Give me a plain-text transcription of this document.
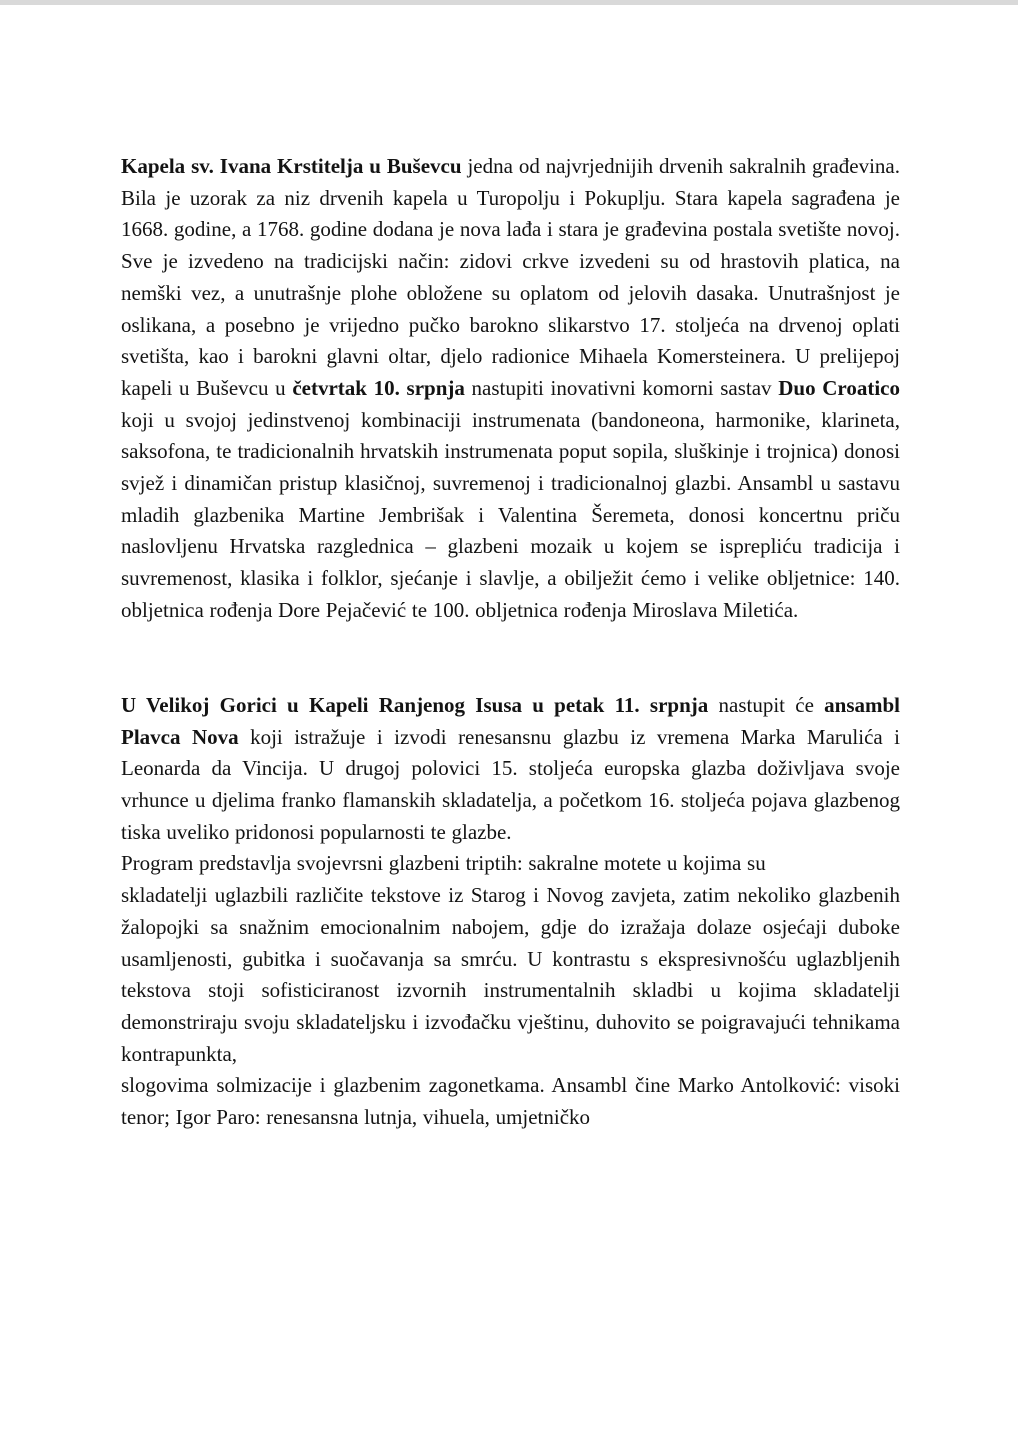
Kapela sv. Ivana Krstitelja u Buševcu jedna od najvrjednijih drvenih sakralnih građevina. Bila je uzorak za niz drvenih kapela u Turopolju i Pokuplju. Stara kapela sagrađena je 1668. godine, a 1768. godine dodana je nova lađa i stara je građevina postala svetište novoj. Sve je izvedeno na tradicijski način: zidovi crkve izvedeni su od hrastovih platica, na nemški vez, a unutrašnje plohe obložene su oplatom od jelovih dasaka. Unutrašnjost je oslikana, a posebno je vrijedno pučko barokno slikarstvo 17. stoljeća na drvenoj oplati svetišta, kao i barokni glavni oltar, djelo radionice Mihaela Komersteinera. U prelijepoj kapeli u Buševcu u četvrtak 10. srpnja nastupiti inovativni komorni sastav Duo Croatico koji u svojoj jedinstvenoj kombinaciji instrumenata (bandoneona, harmonike, klarineta, saksofona, te tradicionalnih hrvatskih instrumenata poput sopila, sluškinje i trojnica) donosi svjež i dinamičan pristup klasičnoj, suvremenoj i tradicionalnoj glazbi. Ansambl u sastavu mladih glazbenika Martine Jembrišak i Valentina Šeremeta, donosi koncertnu priču naslovljenu Hrvatska razglednica – glazbeni mozaik u kojem se isprepliću tradicija i suvremenost, klasika i folklor, sjećanje i slavlje, a obilježit ćemo i velike obljetnice: 140. obljetnica rođenja Dore Pejačević te 100. obljetnica rođenja Miroslava Miletića.

U Velikoj Gorici u Kapeli Ranjenog Isusa u petak 11. srpnja nastupit će ansambl Plavca Nova koji istražuje i izvodi renesansnu glazbu iz vremena Marka Marulića i Leonarda da Vincija. U drugoj polovici 15. stoljeća europska glazba doživljava svoje vrhunce u djelima franko flamanskih skladatelja, a početkom 16. stoljeća pojava glazbenog tiska uveliko pridonosi popularnosti te glazbe.
Program predstavlja svojevrsni glazbeni triptih: sakralne motete u kojima su
skladatelji uglazbili različite tekstove iz Starog i Novog zavjeta, zatim nekoliko glazbenih žalopojki sa snažnim emocionalnim nabojem, gdje do izražaja dolaze osjećaji duboke usamljenosti, gubitka i suočavanja sa smrću. U kontrastu s ekspresivnošću uglazbljenih tekstova stoji sofisticiranost izvornih instrumentalnih skladbi u kojima skladatelji demonstriraju svoju skladateljsku i izvođačku vještinu, duhovito se poigravajući tehnikama kontrapunkta,
slogovima solmizacije i glazbenim zagonetkama. Ansambl čine Marko Antolković: visoki tenor; Igor Paro: renesansna lutnja, vihuela, umjetničko
